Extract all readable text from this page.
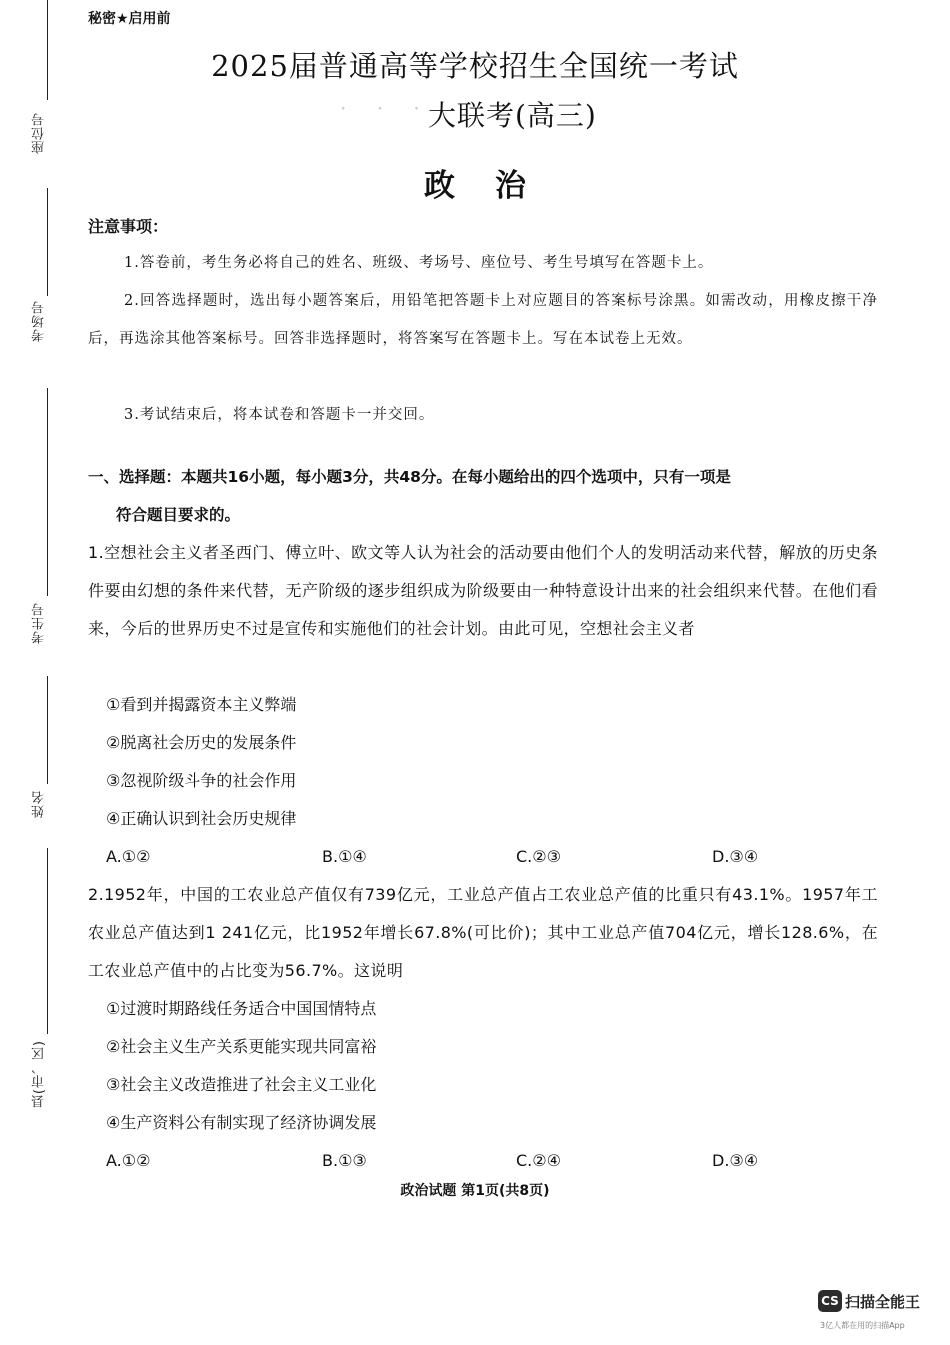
座位号
考场号
考生号
姓名
县(市、区)
秘密★启用前
2025届普通高等学校招生全国统一考试
· · ·
大联考(高三)
政治
注意事项：
1.答卷前，考生务必将自己的姓名、班级、考场号、座位号、考生号填写在答题卡上。
2.回答选择题时，选出每小题答案后，用铅笔把答题卡上对应题目的答案标号涂黑。如需改动，用橡皮擦干净后，再选涂其他答案标号。回答非选择题时，将答案写在答题卡上。写在本试卷上无效。
3.考试结束后，将本试卷和答题卡一并交回。
一、选择题：本题共16小题，每小题3分，共48分。在每小题给出的四个选项中，只有一项是
符合题目要求的。
1.空想社会主义者圣西门、傅立叶、欧文等人认为社会的活动要由他们个人的发明活动来代替，解放的历史条件要由幻想的条件来代替，无产阶级的逐步组织成为阶级要由一种特意设计出来的社会组织来代替。在他们看来，今后的世界历史不过是宣传和实施他们的社会计划。由此可见，空想社会主义者
①看到并揭露资本主义弊端
②脱离社会历史的发展条件
③忽视阶级斗争的社会作用
④正确认识到社会历史规律
A.①②	B.①④	C.②③	D.③④
2.1952年，中国的工农业总产值仅有739亿元，工业总产值占工农业总产值的比重只有43.1%。1957年工农业总产值达到1 241亿元，比1952年增长67.8%(可比价)；其中工业总产值704亿元，增长128.6%，在工农业总产值中的占比变为56.7%。这说明
①过渡时期路线任务适合中国国情特点
②社会主义生产关系更能实现共同富裕
③社会主义改造推进了社会主义工业化
④生产资料公有制实现了经济协调发展
A.①②	B.①③	C.②④	D.③④
政治试题 第1页(共8页)
CS 扫描全能王
3亿人都在用的扫描App
